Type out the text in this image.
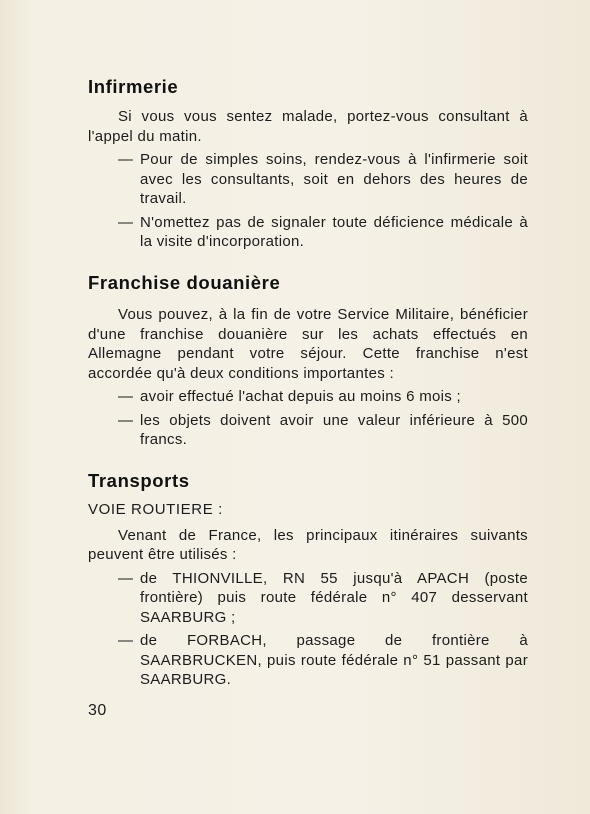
Infirmerie

Si vous vous sentez malade, portez-vous consultant à l'appel du matin.

— Pour de simples soins, rendez-vous à l'infirmerie soit avec les consultants, soit en dehors des heures de travail.
— N'omettez pas de signaler toute déficience médicale à la visite d'incorporation.
Franchise douanière

Vous pouvez, à la fin de votre Service Militaire, bénéficier d'une franchise douanière sur les achats effectués en Allemagne pendant votre séjour. Cette franchise n'est accordée qu'à deux conditions importantes :

— avoir effectué l'achat depuis au moins 6 mois ;
— les objets doivent avoir une valeur inférieure à 500 francs.
Transports
VOIE ROUTIERE :

Venant de France, les principaux itinéraires suivants peuvent être utilisés :

— de THIONVILLE, RN 55 jusqu'à APACH (poste frontière) puis route fédérale n° 407 desservant SAARBURG ;
— de FORBACH, passage de frontière à SAARBRUCKEN, puis route fédérale n° 51 passant par SAARBURG.
30
